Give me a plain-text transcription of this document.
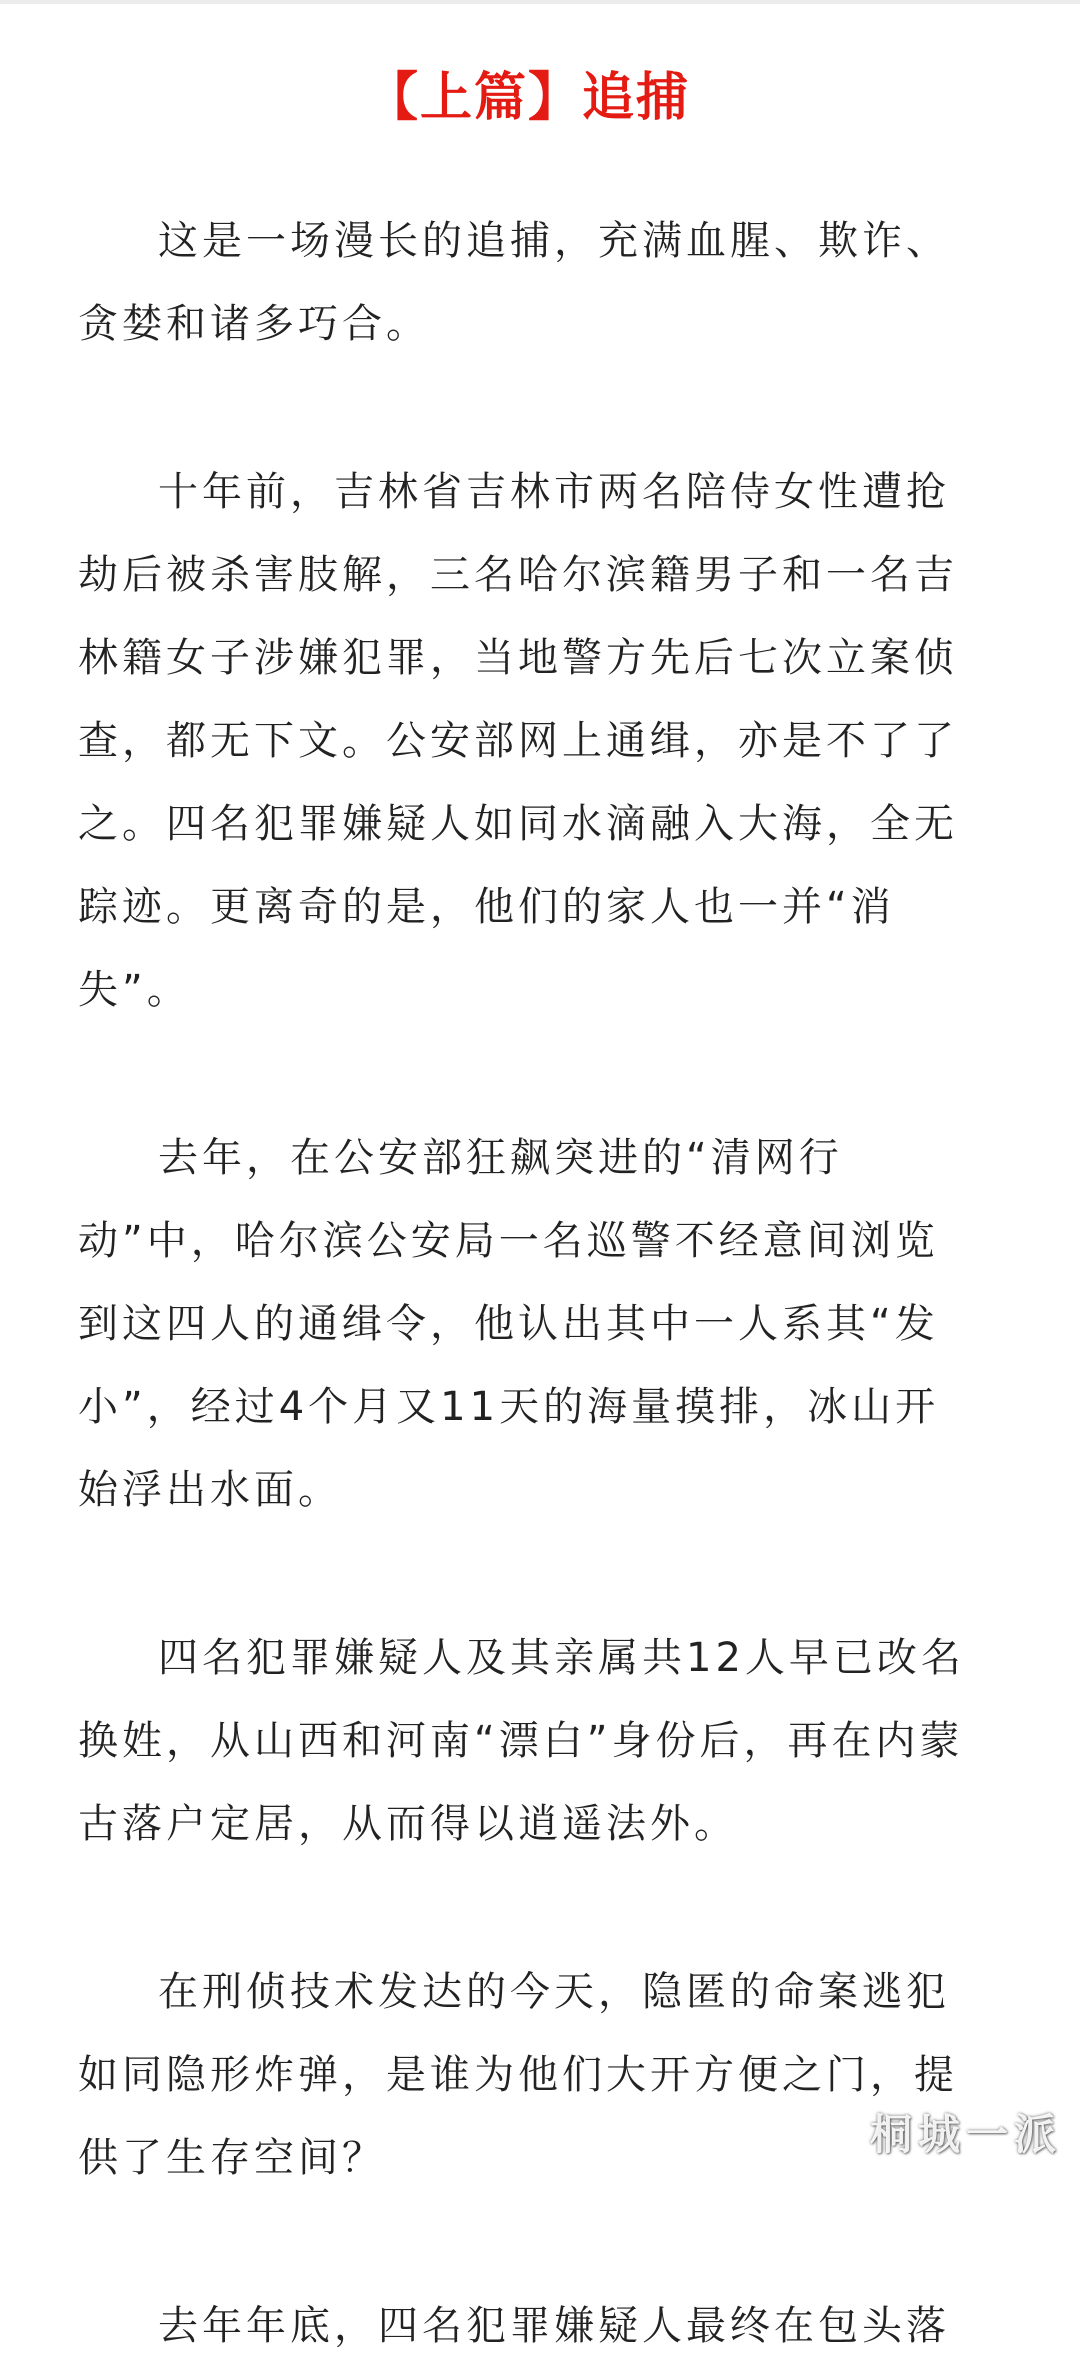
【上篇】追捕

这是一场漫长的追捕，充满血腥、欺诈、贪婪和诸多巧合。

十年前，吉林省吉林市两名陪侍女性遭抢劫后被杀害肢解，三名哈尔滨籍男子和一名吉林籍女子涉嫌犯罪，当地警方先后七次立案侦查，都无下文。公安部网上通缉，亦是不了了之。四名犯罪嫌疑人如同水滴融入大海，全无踪迹。更离奇的是，他们的家人也一并“消失”。

去年，在公安部狂飙突进的“清网行动”中，哈尔滨公安局一名巡警不经意间浏览到这四人的通缉令，他认出其中一人系其“发小”，经过4个月又11天的海量摸排，冰山开始浮出水面。

四名犯罪嫌疑人及其亲属共12人早已改名换姓，从山西和河南“漂白”身份后，再在内蒙古落户定居，从而得以逍遥法外。

在刑侦技术发达的今天，隐匿的命案逃犯如同隐形炸弹，是谁为他们大开方便之门，提供了生存空间？

去年年底，四名犯罪嫌疑人最终在包头落

桐城一派
